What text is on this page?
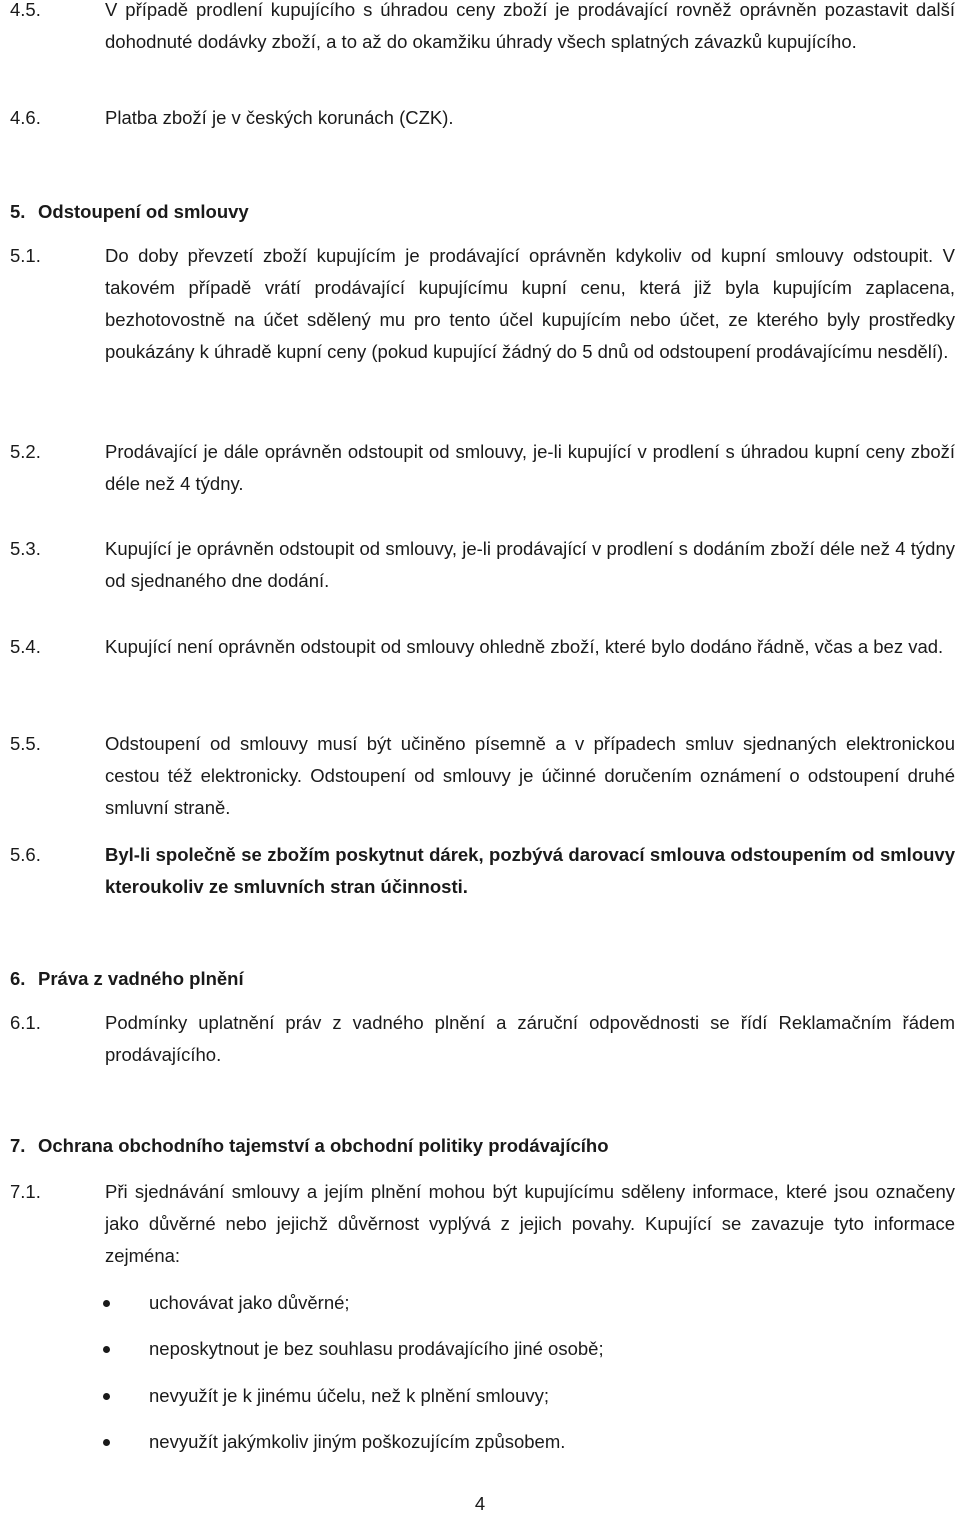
4.5.	V případě prodlení kupujícího s úhradou ceny zboží je prodávající rovněž oprávněn pozastavit další dohodnuté dodávky zboží, a to až do okamžiku úhrady všech splatných závazků kupujícího.
4.6.	Platba zboží je v českých korunách (CZK).
5. Odstoupení od smlouvy
5.1.	Do doby převzetí zboží kupujícím je prodávající oprávněn kdykoliv od kupní smlouvy odstoupit. V takovém případě vrátí prodávající kupujícímu kupní cenu, která již byla kupujícím zaplacena, bezhotovostně na účet sdělený mu pro tento účel kupujícím nebo účet, ze kterého byly prostředky poukázány k úhradě kupní ceny (pokud kupující žádný do 5 dnů od odstoupení prodávajícímu nesdělí).
5.2.	Prodávající je dále oprávněn odstoupit od smlouvy, je-li kupující v prodlení s úhradou kupní ceny zboží déle než 4 týdny.
5.3.	Kupující je oprávněn odstoupit od smlouvy, je-li prodávající v prodlení s dodáním zboží déle než 4 týdny od sjednaného dne dodání.
5.4.	Kupující není oprávněn odstoupit od smlouvy ohledně zboží, které bylo dodáno řádně, včas a bez vad.
5.5.	Odstoupení od smlouvy musí být učiněno písemně a v případech smluv sjednaných elektronickou cestou též elektronicky. Odstoupení od smlouvy je účinné doručením oznámení o odstoupení druhé smluvní straně.
5.6.	Byl-li společně se zbožím poskytnut dárek, pozbývá darovací smlouva odstoupením od smlouvy kteroukoliv ze smluvních stran účinnosti.
6. Práva z vadného plnění
6.1.	Podmínky uplatnění práv z vadného plnění a záruční odpovědnosti se řídí Reklamačním řádem prodávajícího.
7. Ochrana obchodního tajemství a obchodní politiky prodávajícího
7.1.	Při sjednávání smlouvy a jejím plnění mohou být kupujícímu sděleny informace, které jsou označeny jako důvěrné nebo jejichž důvěrnost vyplývá z jejich povahy. Kupující se zavazuje tyto informace zejména:
uchovávat jako důvěrné;
neposkytnout je bez souhlasu prodávajícího jiné osobě;
nevyužít je k jinému účelu, než k plnění smlouvy;
nevyužít jakýmkoliv jiným poškozujícím způsobem.
4
